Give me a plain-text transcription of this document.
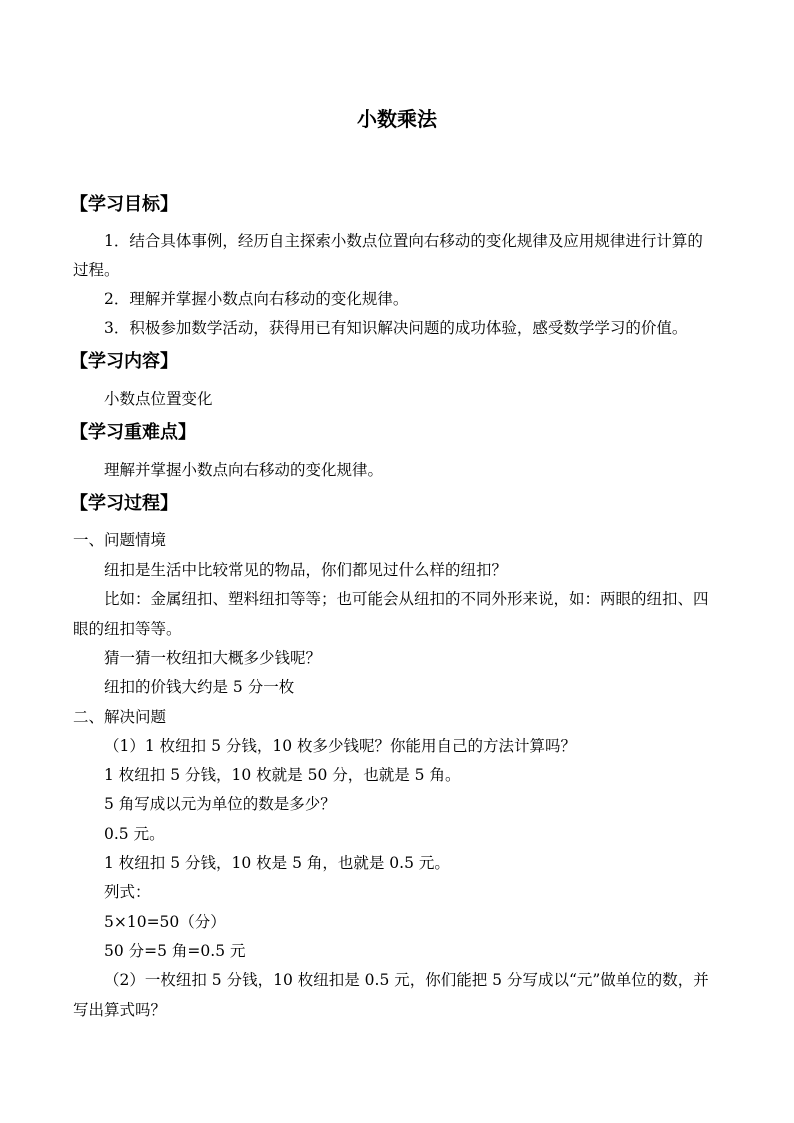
小数乘法
【学习目标】
1．结合具体事例，经历自主探索小数点位置向右移动的变化规律及应用规律进行计算的
过程。
2．理解并掌握小数点向右移动的变化规律。
3．积极参加数学活动，获得用已有知识解决问题的成功体验，感受数学学习的价值。
【学习内容】
小数点位置变化
【学习重难点】
理解并掌握小数点向右移动的变化规律。
【学习过程】
一、问题情境
纽扣是生活中比较常见的物品，你们都见过什么样的纽扣？
比如：金属纽扣、塑料纽扣等等；也可能会从纽扣的不同外形来说，如：两眼的纽扣、四
眼的纽扣等等。
猜一猜一枚纽扣大概多少钱呢？
纽扣的价钱大约是 5 分一枚
二、解决问题
（1）1 枚纽扣 5 分钱，10 枚多少钱呢？你能用自己的方法计算吗？
1 枚纽扣 5 分钱，10 枚就是 50 分，也就是 5 角。
5 角写成以元为单位的数是多少？
0.5 元。
1 枚纽扣 5 分钱，10 枚是 5 角，也就是 0.5 元。
列式：
5×10=50（分）
50 分=5 角=0.5 元
（2）一枚纽扣 5 分钱，10 枚纽扣是 0.5 元，你们能把 5 分写成以“元”做单位的数，并
写出算式吗？
